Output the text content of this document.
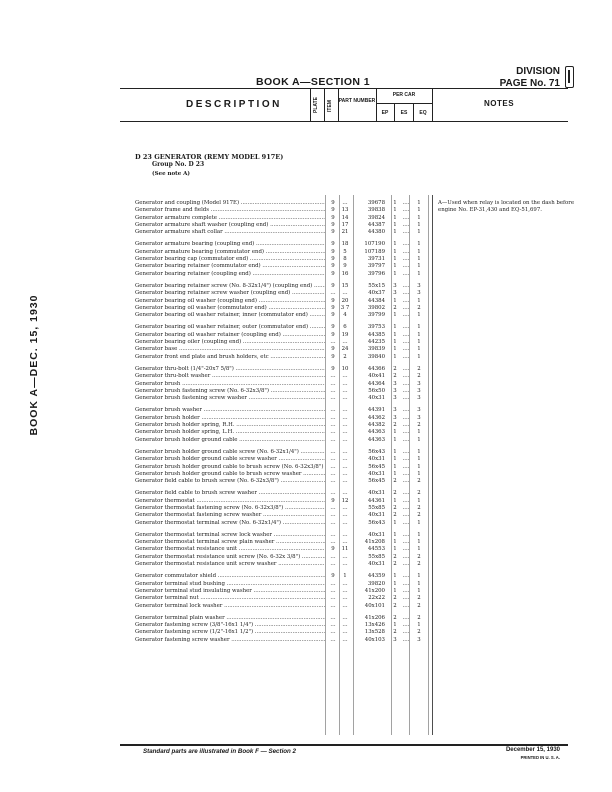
BOOK A—DEC. 15, 1930
BOOK A—SECTION 1
DIVISION
PAGE No. 71
DESCRIPTION	PLATE ITEM PART NUMBER
PER CAR
EP	ES	EQ
NOTES
D 23 GENERATOR (REMY MODEL 917E)
Group No. D 23
(See note A)
Generator and coupling (Model 917E) .....	9	...	39678	1	....	1
Generator frame and fields .....	9	13	39838	1	....	1
Generator armature complete .....	9	14	39824	1	....	1
Generator armature shaft washer (coupling end) .....	9	17	44387	1	....	1
Generator armature shaft collar .....	9	21	44380	1	....	1
Generator armature bearing (coupling end) .....	9	18	107190	1	....	1
Generator armature bearing (commutator end) .....	9	5	107189	1	....	1
Generator bearing cap (commutator end) .....	9	8	39731	1	....	1
Generator bearing retainer (commutator end) .....	9	9	39797	1	....	1
Generator bearing retainer (coupling end) .....	9	16	39796	1	....	1
Generator bearing retainer screw (No. 8-32x1/4") (coupling end) .....	9	15	55x15	3	....	3
Generator bearing retainer screw washer (coupling end) .....	...	...	40x37	3	....	3
Generator bearing oil washer (coupling end) .....	9	20	44384	1	....	1
Generator bearing oil washer (commutator end) .....	9	3 7	39802	2	....	2
Generator bearing oil washer retainer, inner (commutator end) .....	9	4	39799	1	....	1
Generator bearing oil washer retainer, outer (commutator end) .....	9	6	39753	1	....	1
Generator bearing oil washer retainer (coupling end) .....	9	19	44385	1	....	1
Generator bearing oiler (coupling end) .....	...	...	44235	1	....	1
Generator base .....	9	24	39839	1	....	1
Generator front end plate and brush holders, etc .....	9	2	39840	1	....	1
Generator thru-bolt (1/4"-20x7 5/8") .....	9	10	44366	2	....	2
Generator thru-bolt washer .....	...	...	40x41	2	....	2
Generator brush .....	...	...	44364	3	....	3
Generator brush fastening screw (No. 6-32x3/8") .....	...	...	56x50	3	....	3
Generator brush fastening screw washer .....	...	...	40x31	3	....	3
Generator brush washer .....	...	...	44391	3	....	3
Generator brush holder .....	...	...	44362	3	....	3
Generator brush holder spring, R.H. .....	...	...	44382	2	....	2
Generator brush holder spring, L.H. .....	...	...	44363	1	....	1
Generator brush holder ground cable .....	...	...	44363	1	....	1
Generator brush holder ground cable screw (No. 6-32x1/4") .....	...	...	56x43	1	....	1
Generator brush holder ground cable screw washer .....	...	...	40x31	1	....	1
Generator brush holder ground cable to brush screw (No. 6-32x3/8") ..... ...	...	56x45	1	....	1
Generator brush holder ground cable to brush screw washer .....	...	...	40x31	1	....	1
Generator field cable to brush screw (No. 6-32x3/8") .....	...	...	56x45	2	....	2
Generator field cable to brush screw washer .....	...	...	40x31	2	....	2
Generator thermostat .....	9	12	44361	1	....	1
Generator thermostat fastening screw (No. 6-32x3/8") .....	...	...	55x85	2	....	2
Generator thermostat fastening screw washer .....	...	...	40x31	2	....	2
Generator thermostat terminal screw (No. 6-32x1/4") .....	...	...	56x43	1	....	1
Generator thermostat terminal screw lock washer .....	...	...	40x31	1	....	1
Generator thermostat terminal screw plain washer .....	...	...	41x208	1	....	1
Generator thermostat resistance unit .....	9	11	44553	1	....	1
Generator thermostat resistance unit screw (No. 6-32x 3/8") .....	...	...	55x85	2	....	2
Generator thermostat resistance unit screw washer .....	...	...	40x31	2	....	2
Generator commutator shield .....	9	1	44359	1	....	1
Generator terminal stud bushing .....	...	...	39820	1	....	1
Generator terminal stud insulating washer .....	...	...	41x200	1	....	1
Generator terminal nut .....	...	...	22x22	2	....	2
Generator terminal lock washer .....	...	...	40x101	2	....	2
Generator terminal plain washer .....	...	...	41x206	2	....	2
Generator fastening screw (3/8"-16x1 1/4") .....	...	...	13x426	1	....	1
Generator fastening screw (1/2"-16x1 1/2") .....	...	...	13x528	2	....	2
Generator fastening screw washer .....	...	...	40x103	3	....	3
A—Used when relay is located on the dash before engine No. EP-31,430 and EQ-51,697.
Standard parts are illustrated in Book F — Section 2	December 15, 1930
PRINTED IN U. S. A.
